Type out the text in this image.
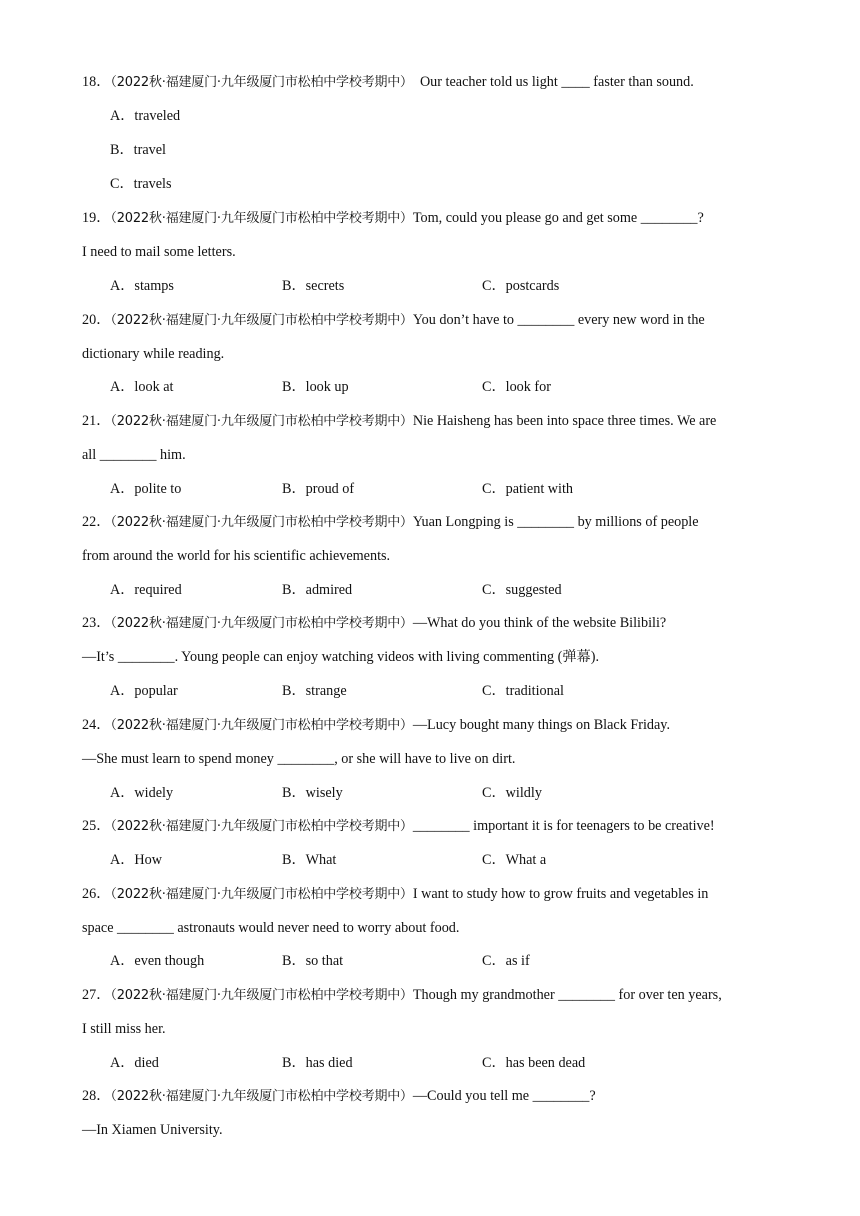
18．（2022秋·福建厦门·九年级厦门市松柏中学校考期中） Our teacher told us light ____ faster than sound.
A．traveled
B．travel
C．travels
19．（2022秋·福建厦门·九年级厦门市松柏中学校考期中）Tom, could you please go and get some ________?
I need to mail some letters.
A．stamps	B．secrets	C．postcards
20．（2022秋·福建厦门·九年级厦门市松柏中学校考期中）You don’t have to ________ every new word in the
dictionary while reading.
A．look at	B．look up	C．look for
21．（2022秋·福建厦门·九年级厦门市松柏中学校考期中）Nie Haisheng has been into space three times. We are
all ________ him.
A．polite to	B．proud of	C．patient with
22．（2022秋·福建厦门·九年级厦门市松柏中学校考期中）Yuan Longping is ________ by millions of people
from around the world for his scientific achievements.
A．required	B．admired	C．suggested
23．（2022秋·福建厦门·九年级厦门市松柏中学校考期中）—What do you think of the website Bilibili?
—It’s ________. Young people can enjoy watching videos with living commenting (弹幕).
A．popular	B．strange	C．traditional
24．（2022秋·福建厦门·九年级厦门市松柏中学校考期中）—Lucy bought many things on Black Friday.
—She must learn to spend money ________, or she will have to live on dirt.
A．widely	B．wisely	C．wildly
25．（2022秋·福建厦门·九年级厦门市松柏中学校考期中）________ important it is for teenagers to be creative!
A．How	B．What	C．What a
26．（2022秋·福建厦门·九年级厦门市松柏中学校考期中）I want to study how to grow fruits and vegetables in
space ________ astronauts would never need to worry about food.
A．even though	B．so that	C．as if
27．（2022秋·福建厦门·九年级厦门市松柏中学校考期中）Though my grandmother ________ for over ten years,
I still miss her.
A．died	B．has died	C．has been dead
28．（2022秋·福建厦门·九年级厦门市松柏中学校考期中）—Could you tell me ________?
—In Xiamen University.
